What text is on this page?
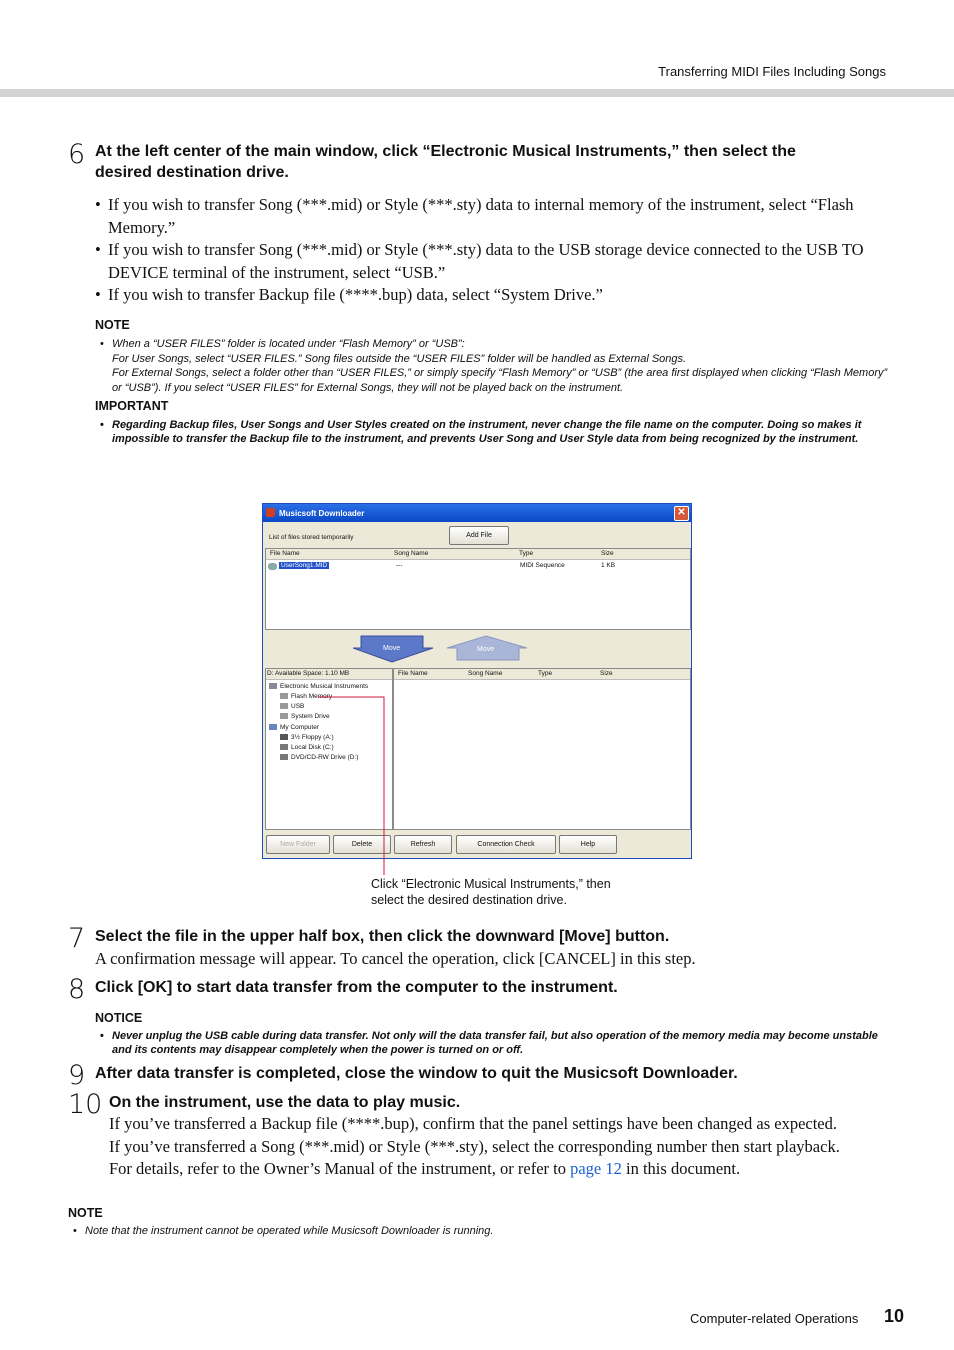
Transferring MIDI Files Including Songs
6 At the left center of the main window, click “Electronic Musical Instruments,” then select the
desired destination drive.
• If you wish to transfer Song (***.mid) or Style (***.sty) data to internal memory of the instrument, select “Flash Memory.”
• If you wish to transfer Song (***.mid) or Style (***.sty) data to the USB storage device connected to the USB TO DEVICE terminal of the instrument, select “USB.”
• If you wish to transfer Backup file (****.bup) data, select “System Drive.”
NOTE
• When a “USER FILES” folder is located under “Flash Memory” or “USB”:
For User Songs, select “USER FILES.” Song files outside the “USER FILES” folder will be handled as External Songs.
For External Songs, select a folder other than “USER FILES,” or simply specify “Flash Memory” or “USB” (the area first displayed when clicking “Flash Memory” or “USB”). If you select “USER FILES” for External Songs, they will not be played back on the instrument.
IMPORTANT
• Regarding Backup files, User Songs and User Styles created on the instrument, never change the file name on the computer. Doing so makes it impossible to transfer the Backup file to the instrument, and prevents User Song and User Style data from being recognized by the instrument.
Musicsoft Downloader	✕
List of files stored temporarily	Add File
File Name	Song Name	Type	Size
UserSong1.MID	---	MIDI Sequence	1 KB
Move	Move
D: Available Space: 1.10 MB
Electronic Musical Instruments
Flash Memory
USB
System Drive
My Computer
3½ Floppy (A:)
Local Disk (C:)
DVD/CD-RW Drive (D:)
File Name	Song Name	Type	Size
New Folder	Delete	Refresh	Connection Check	Help
Click “Electronic Musical Instruments,” then
select the desired destination drive.
7 Select the file in the upper half box, then click the downward [Move] button.
A confirmation message will appear. To cancel the operation, click [CANCEL] in this step.
8 Click [OK] to start data transfer from the computer to the instrument.
NOTICE
• Never unplug the USB cable during data transfer. Not only will the data transfer fail, but also operation of the memory media may become unstable and its contents may disappear completely when the power is turned on or off.
9 After data transfer is completed, close the window to quit the Musicsoft Downloader.
10 On the instrument, use the data to play music.
If you’ve transferred a Backup file (****.bup), confirm that the panel settings have been changed as expected.
If you’ve transferred a Song (***.mid) or Style (***.sty), select the corresponding number then start playback.
For details, refer to the Owner’s Manual of the instrument, or refer to page 12 in this document.
NOTE
• Note that the instrument cannot be operated while Musicsoft Downloader is running.
Computer-related Operations 10
